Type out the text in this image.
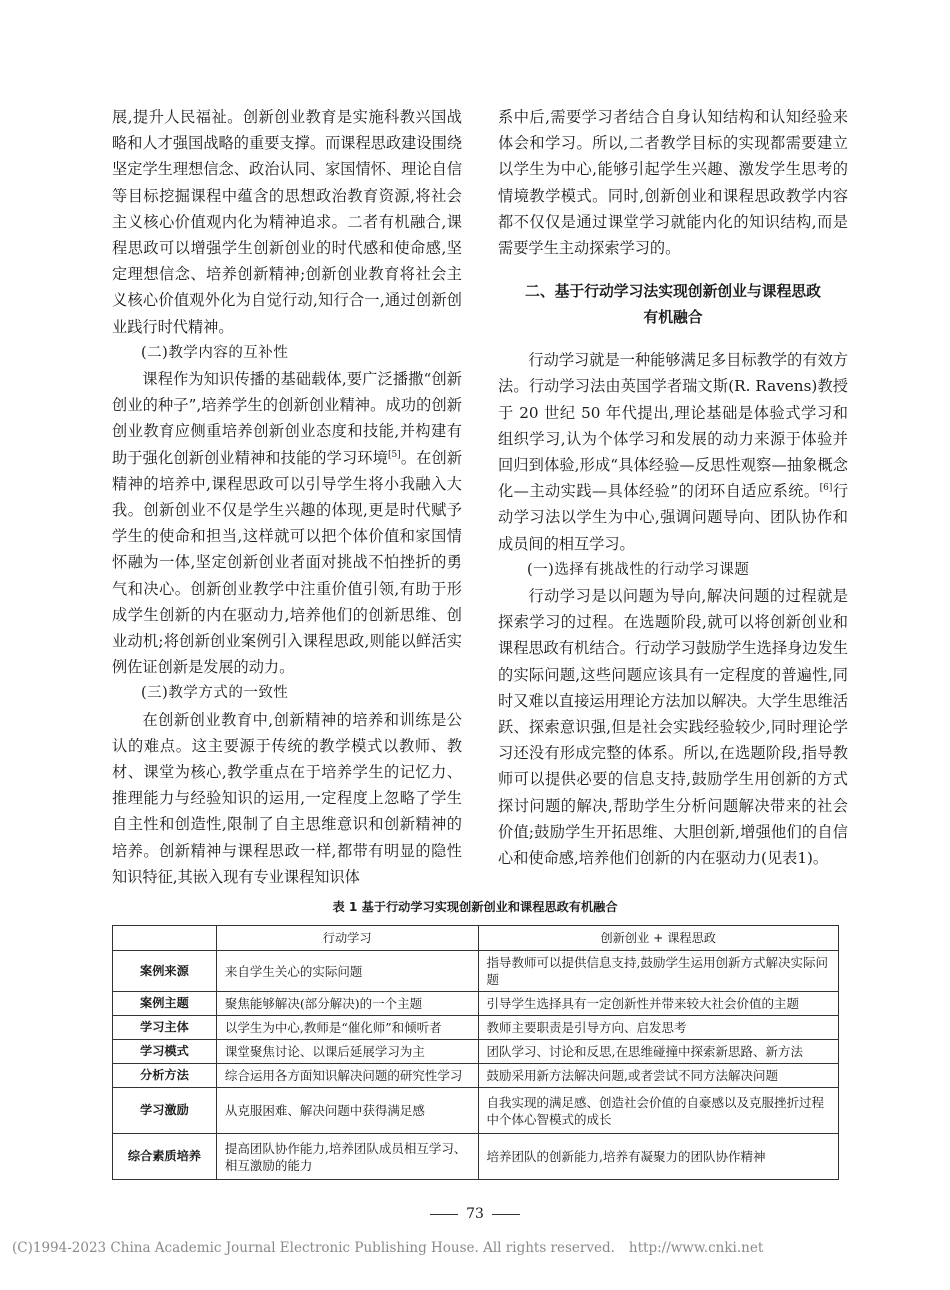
展,提升人民福祉。创新创业教育是实施科教兴国战略和人才强国战略的重要支撑。而课程思政建设围绕坚定学生理想信念、政治认同、家国情怀、理论自信等目标挖掘课程中蕴含的思想政治教育资源,将社会主义核心价值观内化为精神追求。二者有机融合,课程思政可以增强学生创新创业的时代感和使命感,坚定理想信念、培养创新精神;创新创业教育将社会主义核心价值观外化为自觉行动,知行合一,通过创新创业践行时代精神。

(二)教学内容的互补性

课程作为知识传播的基础载体,要广泛播撒“创新创业的种子”,培养学生的创新创业精神。成功的创新创业教育应侧重培养创新创业态度和技能,并构建有助于强化创新创业精神和技能的学习环境[5]。在创新精神的培养中,课程思政可以引导学生将小我融入大我。创新创业不仅是学生兴趣的体现,更是时代赋予学生的使命和担当,这样就可以把个体价值和家国情怀融为一体,坚定创新创业者面对挑战不怕挫折的勇气和决心。创新创业教学中注重价值引领,有助于形成学生创新的内在驱动力,培养他们的创新思维、创业动机;将创新创业案例引入课程思政,则能以鲜活实例佐证创新是发展的动力。

(三)教学方式的一致性

在创新创业教育中,创新精神的培养和训练是公认的难点。这主要源于传统的教学模式以教师、教材、课堂为核心,教学重点在于培养学生的记忆力、推理能力与经验知识的运用,一定程度上忽略了学生自主性和创造性,限制了自主思维意识和创新精神的培养。创新精神与课程思政一样,都带有明显的隐性知识特征,其嵌入现有专业课程知识体

系中后,需要学习者结合自身认知结构和认知经验来体会和学习。所以,二者教学目标的实现都需要建立以学生为中心,能够引起学生兴趣、激发学生思考的情境教学模式。同时,创新创业和课程思政教学内容都不仅仅是通过课堂学习就能内化的知识结构,而是需要学生主动探索学习的。

二、基于行动学习法实现创新创业与课程思政
有机融合

行动学习就是一种能够满足多目标教学的有效方法。行动学习法由英国学者瑞文斯(R. Ravens)教授于 20 世纪 50 年代提出,理论基础是体验式学习和组织学习,认为个体学习和发展的动力来源于体验并回归到体验,形成“具体经验—反思性观察—抽象概念化—主动实践—具体经验”的闭环自适应系统。[6]行动学习法以学生为中心,强调问题导向、团队协作和成员间的相互学习。

(一)选择有挑战性的行动学习课题

行动学习是以问题为导向,解决问题的过程就是探索学习的过程。在选题阶段,就可以将创新创业和课程思政有机结合。行动学习鼓励学生选择身边发生的实际问题,这些问题应该具有一定程度的普遍性,同时又难以直接运用理论方法加以解决。大学生思维活跃、探索意识强,但是社会实践经验较少,同时理论学习还没有形成完整的体系。所以,在选题阶段,指导教师可以提供必要的信息支持,鼓励学生用创新的方式探讨问题的解决,帮助学生分析问题解决带来的社会价值;鼓励学生开拓思维、大胆创新,增强他们的自信心和使命感,培养他们创新的内在驱动力(见表1)。

表 1 基于行动学习实现创新创业和课程思政有机融合
	行动学习	创新创业 + 课程思政
案例来源	来自学生关心的实际问题	指导教师可以提供信息支持,鼓励学生运用创新方式解决实际问题
案例主题	聚焦能够解决(部分解决)的一个主题	引导学生选择具有一定创新性并带来较大社会价值的主题
学习主体	以学生为中心,教师是“催化师”和倾听者	教师主要职责是引导方向、启发思考
学习模式	课堂聚焦讨论、以课后延展学习为主	团队学习、讨论和反思,在思维碰撞中探索新思路、新方法
分析方法	综合运用各方面知识解决问题的研究性学习	鼓励采用新方法解决问题,或者尝试不同方法解决问题
学习激励	从克服困难、解决问题中获得满足感	自我实现的满足感、创造社会价值的自豪感以及克服挫折过程中个体心智模式的成长
综合素质培养	提高团队协作能力,培养团队成员相互学习、相互激励的能力	培养团队的创新能力,培养有凝聚力的团队协作精神
73
(C)1994-2023 China Academic Journal Electronic Publishing House. All rights reserved. http://www.cnki.net
